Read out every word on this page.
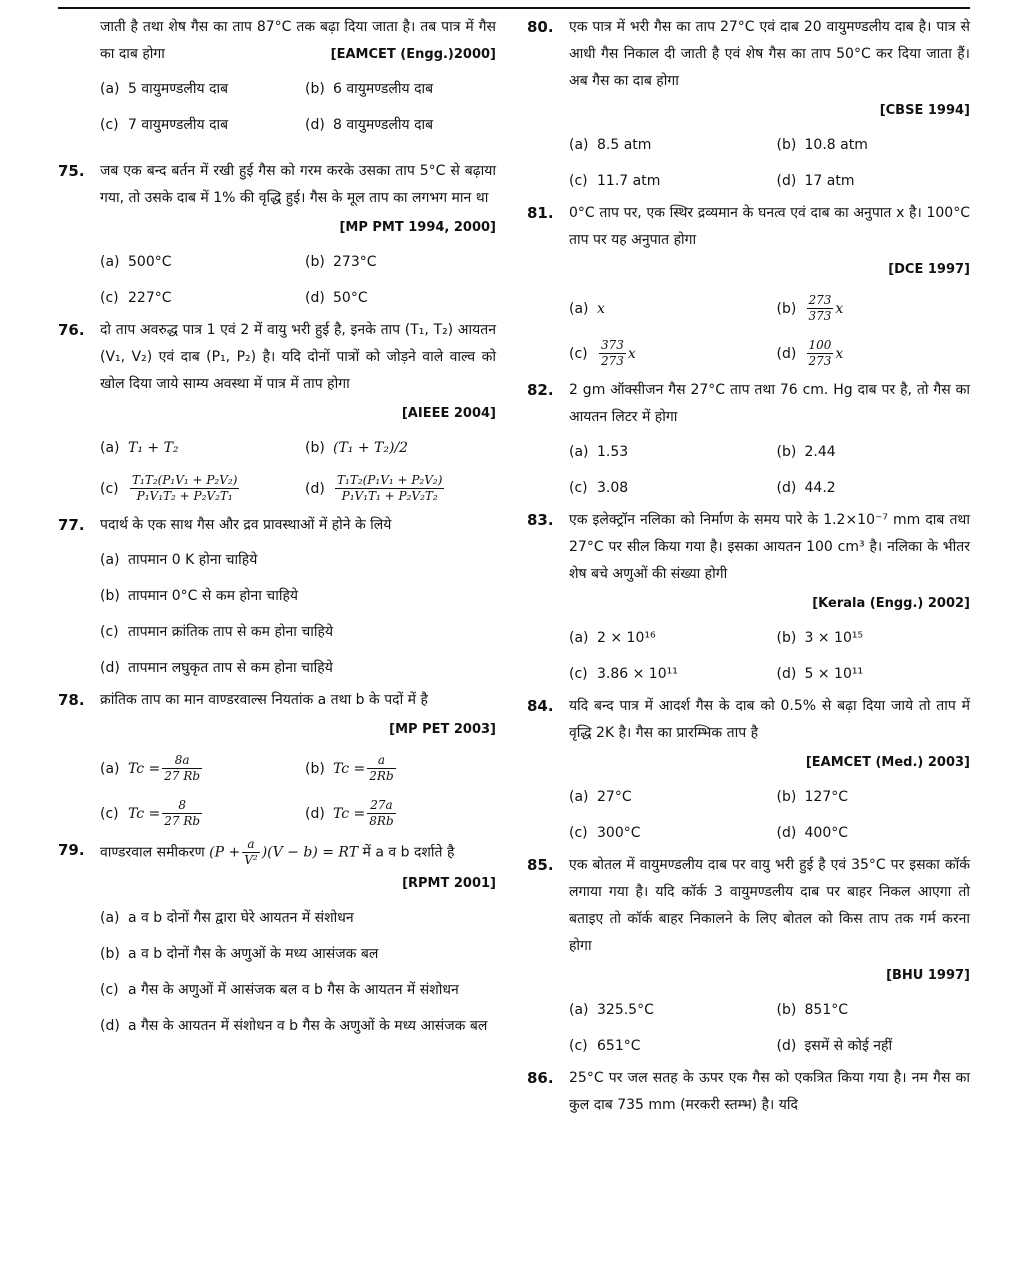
जाती है तथा शेष गैस का ताप 87°C तक बढ़ा दिया जाता है। तब पात्र में गैस का दाब होगा	[EAMCET (Engg.)2000]
(a) 5 वायुमण्डलीय दाब	(b) 6 वायुमण्डलीय दाब
(c) 7 वायुमण्डलीय दाब	(d) 8 वायुमण्डलीय दाब
75. जब एक बन्द बर्तन में रखी हुई गैस को गरम करके उसका ताप 5°C से बढ़ाया गया, तो उसके दाब में 1% की वृद्धि हुई। गैस के मूल ताप का लगभग मान था
[MP PMT 1994, 2000]
(a) 500°C	(b) 273°C
(c) 227°C	(d) 50°C
76. दो ताप अवरुद्ध पात्र 1 एवं 2 में वायु भरी हुई है, इनके ताप (T₁, T₂) आयतन (V₁, V₂) एवं दाब (P₁, P₂) है। यदि दोनों पात्रों को जोड़ने वाले वाल्व को खोल दिया जाये साम्य अवस्था में पात्र में ताप होगा
[AIEEE 2004]
(a) T₁ + T₂	(b) (T₁ + T₂)/2
$(c) \frac{\text{T₁T₂(P₁V₁ + P₂V₂)}}{\text{P₁V₁T₂ + P₂V₂T₁}}$	$(d) \frac{\text{T₁T₂(P₁V₁ + P₂V₂)}}{\text{P₁V₁T₁ + P₂V₂T₂}}$
77. पदार्थ के एक साथ गैस और द्रव प्रावस्थाओं में होने के लिये
(a) तापमान 0 K होना चाहिये
(b) तापमान 0°C से कम होना चाहिये
(c) तापमान क्रांतिक ताप से कम होना चाहिये
(d) तापमान लघुकृत ताप से कम होना चाहिये
78. क्रांतिक ताप का मान वाण्डरवाल्स नियतांक a तथा b के पदों में है
[MP PET 2003]
(a) $Tc = \frac{8a}{27 Rb}$	(b) $Tc = \frac{a}{2Rb}$
(c) $Tc = \frac{8}{27 Rb}$	(d) $Tc = \frac{27a}{8Rb}$
79. वाण्डरवाल समीकरण $(P + \frac{a}{\text{V²}} )(V - b)$ = RT में a व b दर्शाते है
[RPMT 2001]
(a) a व b दोनों गैस द्वारा घेरे आयतन में संशोधन
(b) a व b दोनों गैस के अणुओं के मध्य आसंजक बल
(c) a गैस के अणुओं में आसंजक बल व b गैस के आयतन में संशोधन
(d) a गैस के आयतन में संशोधन व b गैस के अणुओं के मध्य आसंजक बल
80. एक पात्र में भरी गैस का ताप 27°C एवं दाब 20 वायुमण्डलीय दाब है। पात्र से आधी गैस निकाल दी जाती है एवं शेष गैस का ताप 50°C कर दिया जाता हैं। अब गैस का दाब होगा
[CBSE 1994]
(a) 8.5 atm	(b) 10.8 atm
(c) 11.7 atm	(d) 17 atm
81. 0°C ताप पर, एक स्थिर द्रव्यमान के घनत्व एवं दाब का अनुपात x है। 100°C ताप पर यह अनुपात होगा
[DCE 1997]
(a) x	$(b) \frac{273}{373}$ x
$(c) \frac{373}{273}$ x	$(d) \frac{100}{273}$ x
82. 2 gm ऑक्सीजन गैस 27°C ताप तथा 76 cm. Hg दाब पर है, तो गैस का आयतन लिटर में होगा
(a) 1.53	(b) 2.44
(c) 3.08	(d) 44.2
83. एक इलेक्ट्रॉन नलिका को निर्माण के समय पारे के 1.2×10⁻⁷ mm दाब तथा 27°C पर सील किया गया है। इसका आयतन 100 cm³ है। नलिका के भीतर शेष बचे अणुओं की संख्या होगी
[Kerala (Engg.) 2002]
(a) 2 × 10¹⁶	(b) 3 × 10¹⁵
(c) 3.86 × 10¹¹	(d) 5 × 10¹¹
84. यदि बन्द पात्र में आदर्श गैस के दाब को 0.5% से बढ़ा दिया जाये तो ताप में वृद्धि 2K है। गैस का प्रारम्भिक ताप है
[EAMCET (Med.) 2003]
(a) 27°C	(b) 127°C
(c) 300°C	(d) 400°C
85. एक बोतल में वायुमण्डलीय दाब पर वायु भरी हुई है एवं 35°C पर इसका कॉर्क लगाया गया है। यदि कॉर्क 3 वायुमण्डलीय दाब पर बाहर निकल आएगा तो बताइए तो कॉर्क बाहर निकालने के लिए बोतल को किस ताप तक गर्म करना होगा
[BHU 1997]
(a) 325.5°C	(b) 851°C
(c) 651°C	(d) इसमें से कोई नहीं
86. 25°C पर जल सतह के ऊपर एक गैस को एकत्रित किया गया है। नम गैस का कुल दाब 735 mm (मरकरी स्तम्भ) है। यदि
